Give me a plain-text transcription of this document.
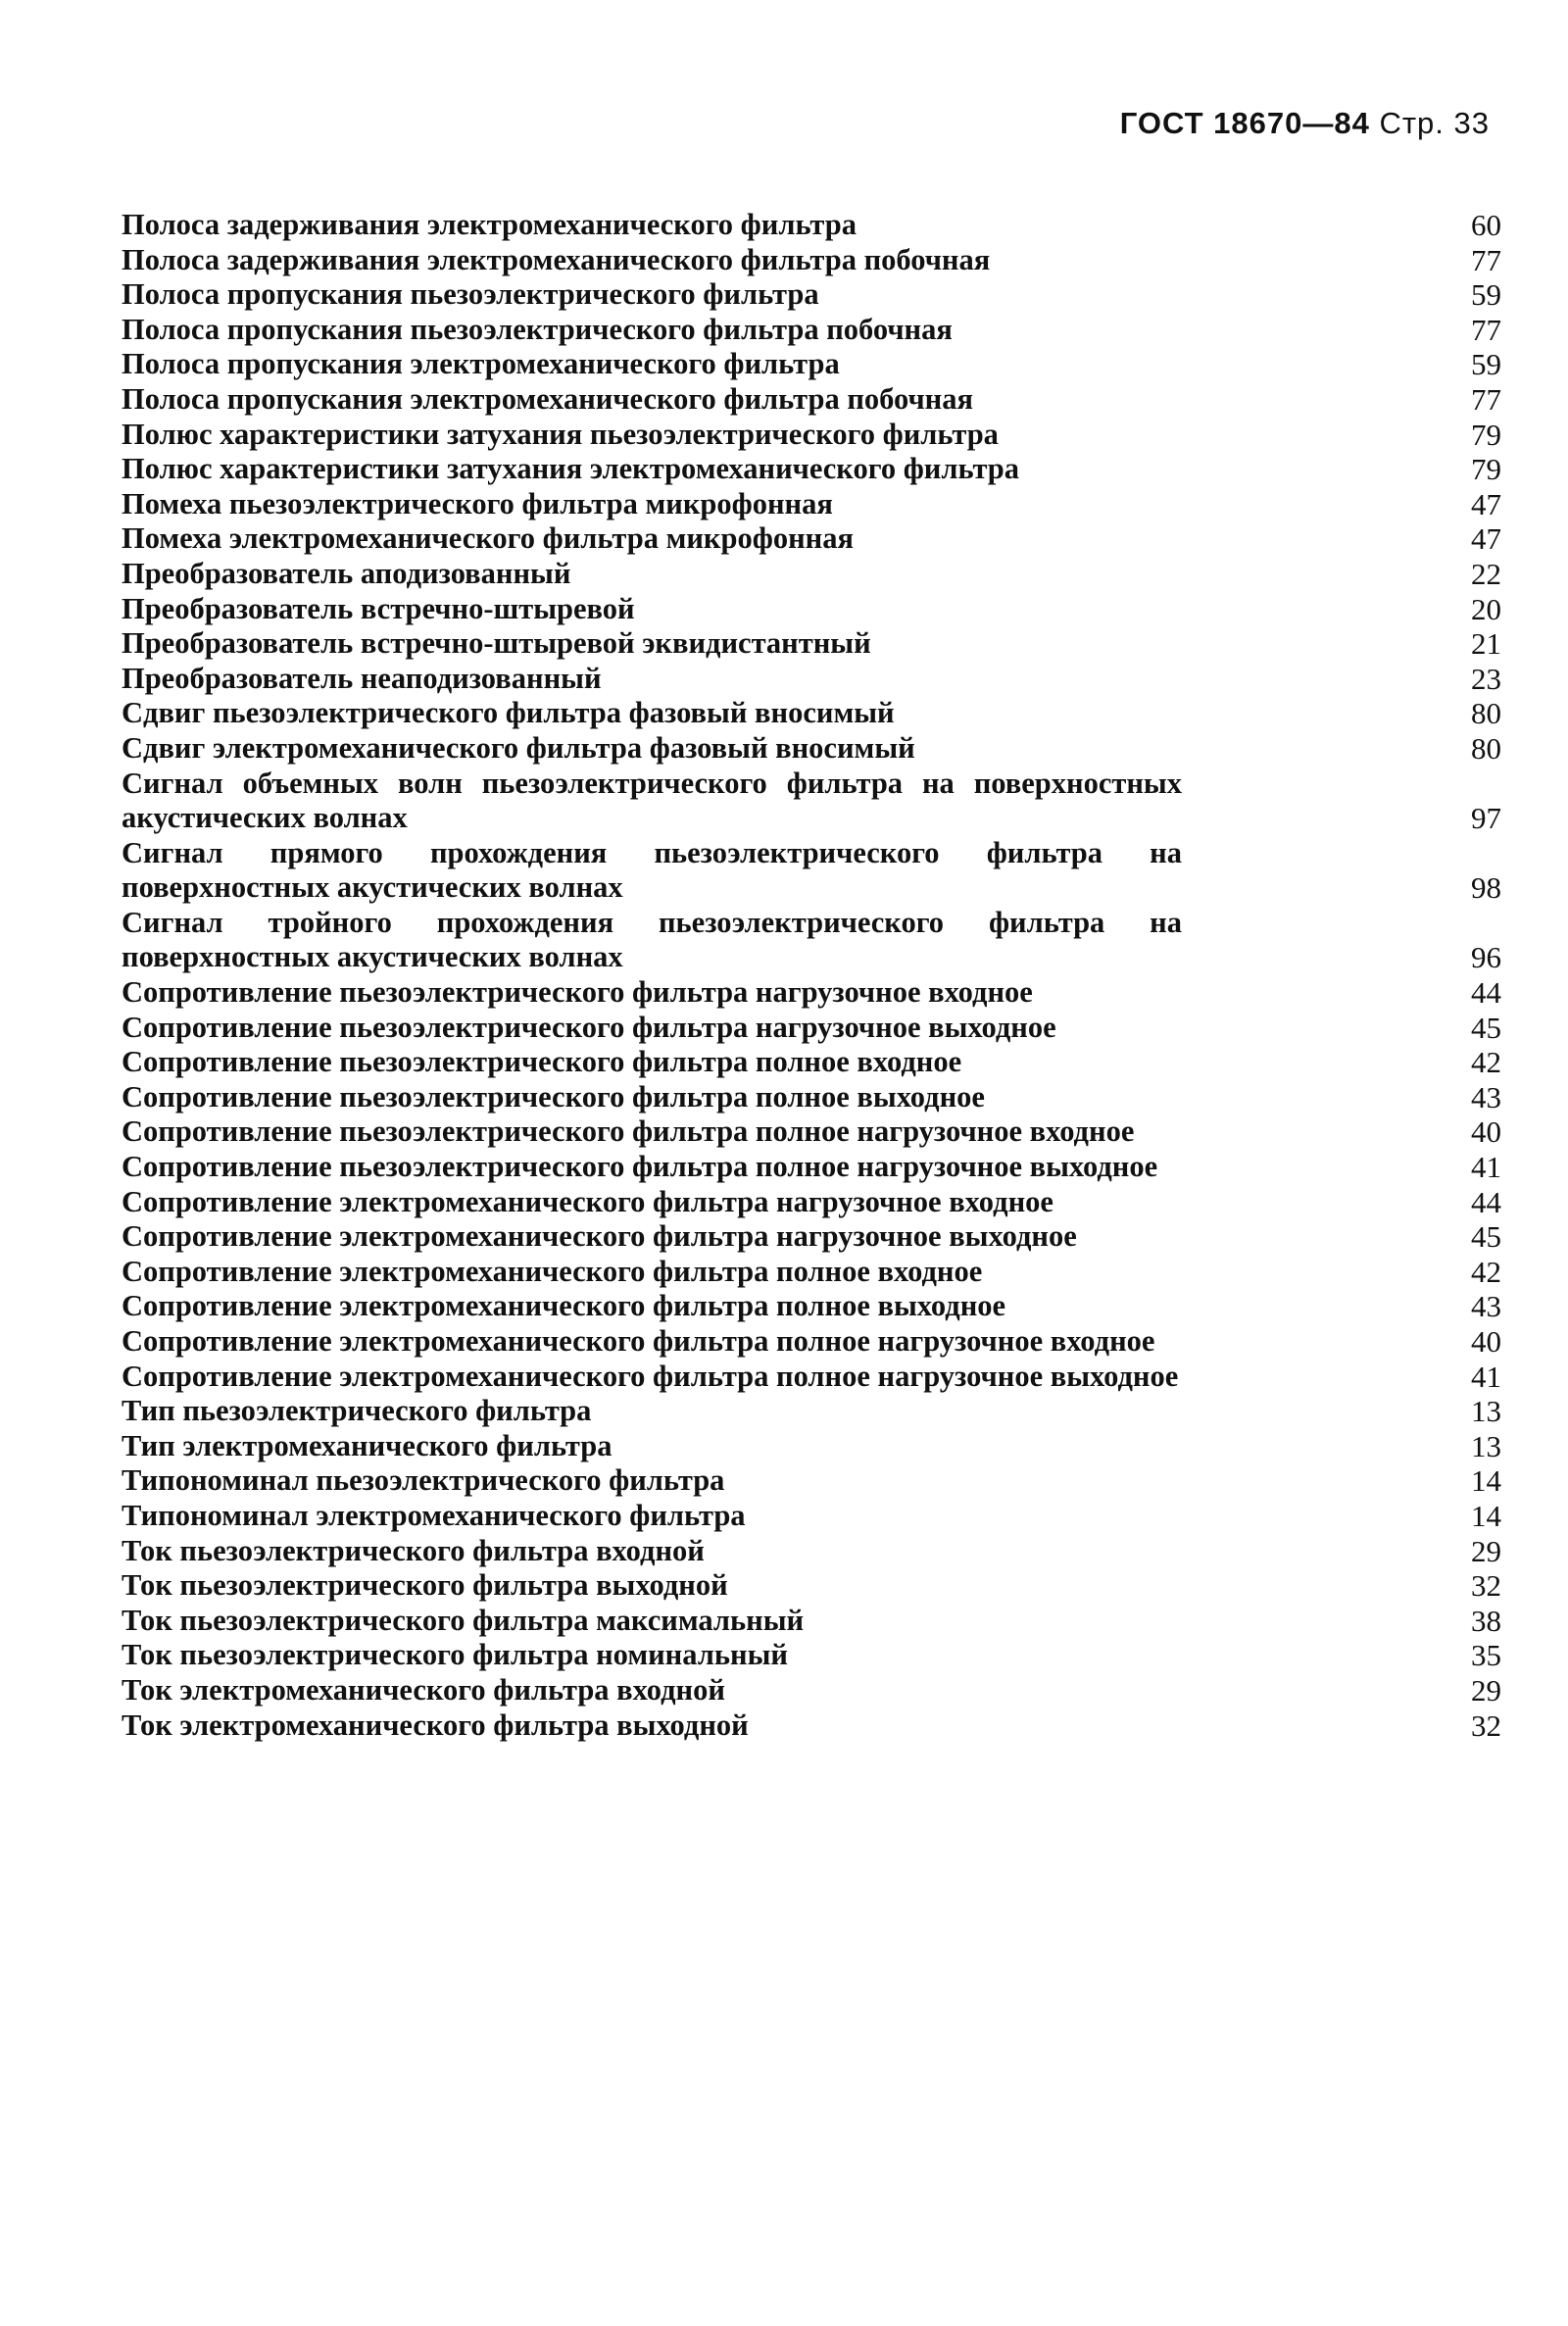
ГОСТ 18670—84 Стр. 33
Полоса задерживания электромеханического фильтра	60
Полоса задерживания электромеханического фильтра побочная	77
Полоса пропускания пьезоэлектрического фильтра	59
Полоса пропускания пьезоэлектрического фильтра побочная	77
Полоса пропускания электромеханического фильтра	59
Полоса пропускания электромеханического фильтра побочная	77
Полюс характеристики затухания пьезоэлектрического фильтра	79
Полюс характеристики затухания электромеханического фильтра	79
Помеха пьезоэлектрического фильтра микрофонная	47
Помеха электромеханического фильтра микрофонная	47
Преобразователь аподизованный	22
Преобразователь встречно-штыревой	20
Преобразователь встречно-штыревой эквидистантный	21
Преобразователь неаподизованный	23
Сдвиг пьезоэлектрического фильтра фазовый вносимый	80
Сдвиг электромеханического фильтра фазовый вносимый	80
Сигнал объемных волн пьезоэлектрического фильтра на поверхностных акустических волнах	97
Сигнал прямого прохождения пьезоэлектрического фильтра на поверхностных акустических волнах	98
Сигнал тройного прохождения пьезоэлектрического фильтра на поверхностных акустических волнах	96
Сопротивление пьезоэлектрического фильтра нагрузочное входное	44
Сопротивление пьезоэлектрического фильтра нагрузочное выходное	45
Сопротивление пьезоэлектрического фильтра полное входное	42
Сопротивление пьезоэлектрического фильтра полное выходное	43
Сопротивление пьезоэлектрического фильтра полное нагрузочное входное	40
Сопротивление пьезоэлектрического фильтра полное нагрузочное выходное	41
Сопротивление электромеханического фильтра нагрузочное входное	44
Сопротивление электромеханического фильтра нагрузочное выходное	45
Сопротивление электромеханического фильтра полное входное	42
Сопротивление электромеханического фильтра полное выходное	43
Сопротивление электромеханического фильтра полное нагрузочное входное	40
Сопротивление электромеханического фильтра полное нагрузочное выходное	41
Тип пьезоэлектрического фильтра	13
Тип электромеханического фильтра	13
Типономинал пьезоэлектрического фильтра	14
Типономинал электромеханического фильтра	14
Ток пьезоэлектрического фильтра входной	29
Ток пьезоэлектрического фильтра выходной	32
Ток пьезоэлектрического фильтра максимальный	38
Ток пьезоэлектрического фильтра номинальный	35
Ток электромеханического фильтра входной	29
Ток электромеханического фильтра выходной	32
